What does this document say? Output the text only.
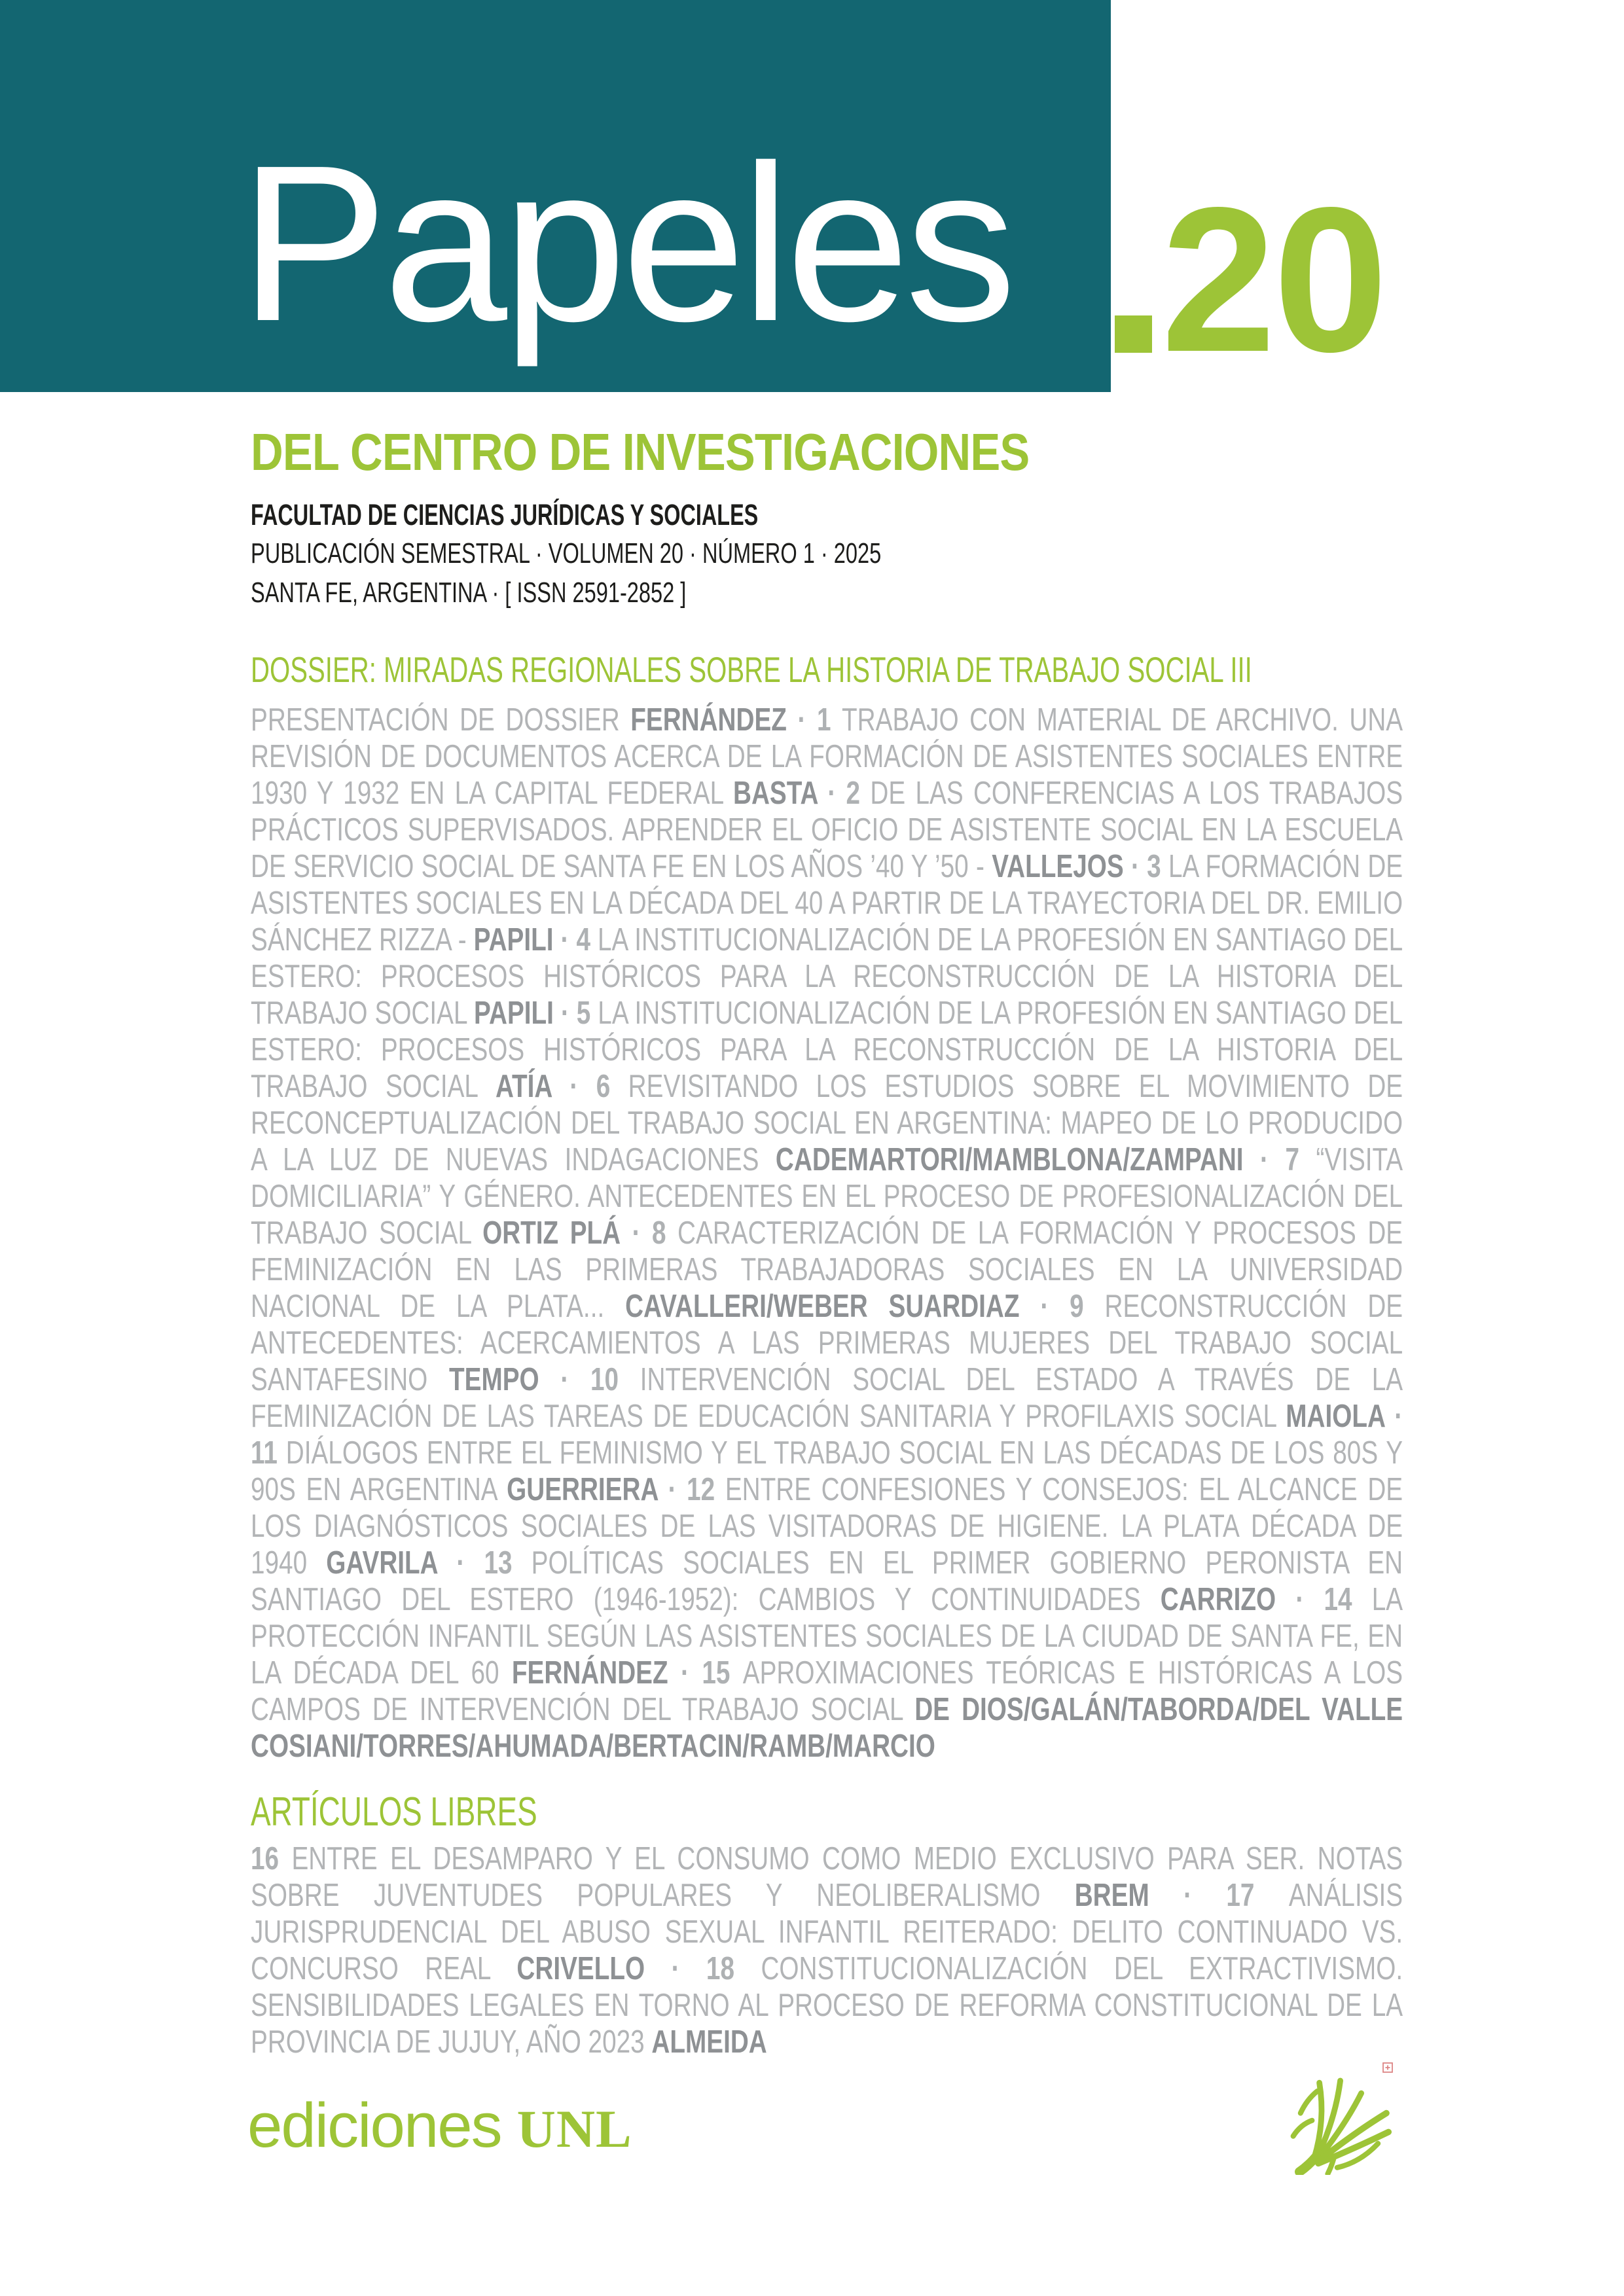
Papeles 20
DEL CENTRO DE INVESTIGACIONES
FACULTAD DE CIENCIAS JURÍDICAS Y SOCIALES
PUBLICACIÓN SEMESTRAL · VOLUMEN 20 · NÚMERO 1 · 2025
SANTA FE, ARGENTINA · [ ISSN 2591-2852 ]
DOSSIER: MIRADAS REGIONALES SOBRE LA HISTORIA DE TRABAJO SOCIAL III
PRESENTACIÓN DE DOSSIER FERNÁNDEZ · 1 TRABAJO CON MATERIAL DE ARCHIVO. UNA REVISIÓN DE DOCUMENTOS ACERCA DE LA FORMACIÓN DE ASISTENTES SOCIALES ENTRE 1930 Y 1932 EN LA CAPITAL FEDERAL BASTA · 2 DE LAS CONFERENCIAS A LOS TRABAJOS PRÁCTICOS SUPERVISADOS. APRENDER EL OFICIO DE ASISTENTE SOCIAL EN LA ESCUELA DE SERVICIO SOCIAL DE SANTA FE EN LOS AÑOS ’40 Y ’50 - VALLEJOS · 3 LA FORMACIÓN DE ASISTENTES SOCIALES EN LA DÉCADA DEL 40 A PARTIR DE LA TRAYECTORIA DEL DR. EMILIO SÁNCHEZ RIZZA - PAPILI · 4 LA INSTITUCIONALIZACIÓN DE LA PROFESIÓN EN SANTIAGO DEL ESTERO: PROCESOS HISTÓRICOS PARA LA RECONSTRUCCIÓN DE LA HISTORIA DEL TRABAJO SOCIAL PAPILI · 5 LA INSTITUCIONALIZACIÓN DE LA PROFESIÓN EN SANTIAGO DEL ESTERO: PROCESOS HISTÓRICOS PARA LA RECONSTRUCCIÓN DE LA HISTORIA DEL TRABAJO SOCIAL ATÍA · 6 REVISITANDO LOS ESTUDIOS SOBRE EL MOVIMIENTO DE RECONCEPTUALIZACIÓN DEL TRABAJO SOCIAL EN ARGENTINA: MAPEO DE LO PRODUCIDO A LA LUZ DE NUEVAS INDAGACIONES CADEMARTORI/MAMBLONA/ZAMPANI · 7 “VISITA DOMICILIARIA” Y GÉNERO. ANTECEDENTES EN EL PROCESO DE PROFESIONALIZACIÓN DEL TRABAJO SOCIAL ORTIZ PLÁ · 8 CARACTERIZACIÓN DE LA FORMACIÓN Y PROCESOS DE FEMINIZACIÓN EN LAS PRIMERAS TRABAJADORAS SOCIALES EN LA UNIVERSIDAD NACIONAL DE LA PLATA... CAVALLERI/WEBER SUARDIAZ · 9 RECONSTRUCCIÓN DE ANTECEDENTES: ACERCAMIENTOS A LAS PRIMERAS MUJERES DEL TRABAJO SOCIAL SANTAFESINO TEMPO · 10 INTERVENCIÓN SOCIAL DEL ESTADO A TRAVÉS DE LA FEMINIZACIÓN DE LAS TAREAS DE EDUCACIÓN SANITARIA Y PROFILAXIS SOCIAL MAIOLA · 11 DIÁLOGOS ENTRE EL FEMINISMO Y EL TRABAJO SOCIAL EN LAS DÉCADAS DE LOS 80S Y 90S EN ARGENTINA GUERRIERA · 12 ENTRE CONFESIONES Y CONSEJOS: EL ALCANCE DE LOS DIAGNÓSTICOS SOCIALES DE LAS VISITADORAS DE HIGIENE. LA PLATA DÉCADA DE 1940 GAVRILA · 13 POLÍTICAS SOCIALES EN EL PRIMER GOBIERNO PERONISTA EN SANTIAGO DEL ESTERO (1946-1952): CAMBIOS Y CONTINUIDADES CARRIZO · 14 LA PROTECCIÓN INFANTIL SEGÚN LAS ASISTENTES SOCIALES DE LA CIUDAD DE SANTA FE, EN LA DÉCADA DEL 60 FERNÁNDEZ · 15 APROXIMACIONES TEÓRICAS E HISTÓRICAS A LOS CAMPOS DE INTERVENCIÓN DEL TRABAJO SOCIAL DE DIOS/GALÁN/TABORDA/DEL VALLE COSIANI/TORRES/AHUMADA/BERTACIN/RAMB/MARCIO
ARTÍCULOS LIBRES
16 ENTRE EL DESAMPARO Y EL CONSUMO COMO MEDIO EXCLUSIVO PARA SER. NOTAS SOBRE JUVENTUDES POPULARES Y NEOLIBERALISMO BREM · 17 ANÁLISIS JURISPRUDENCIAL DEL ABUSO SEXUAL INFANTIL REITERADO: DELITO CONTINUADO VS. CONCURSO REAL CRIVELLO · 18 CONSTITUCIONALIZACIÓN DEL EXTRACTIVISMO. SENSIBILIDADES LEGALES EN TORNO AL PROCESO DE REFORMA CONSTITUCIONAL DE LA PROVINCIA DE JUJUY, AÑO 2023 ALMEIDA
ediciones UNL
